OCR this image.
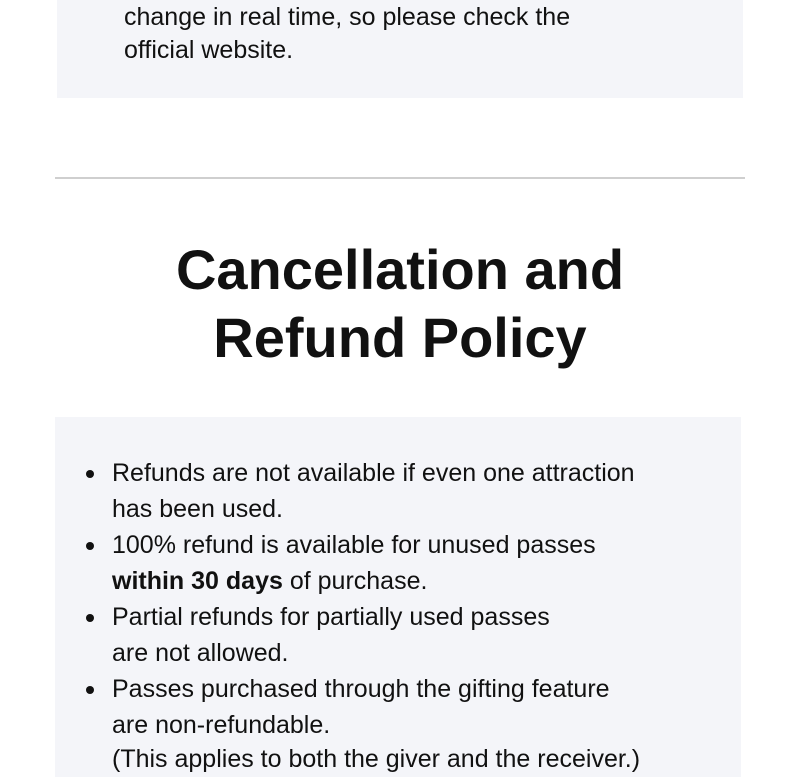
change in real time, so please check the
official website.
Cancellation and
Refund Policy
Refunds are not available if even one attraction
has been used.
100% refund is available for unused passes
within 30 days of purchase.
Partial refunds for partially used passes
are not allowed.
Passes purchased through the gifting feature
are non-refundable.
(This applies to both the giver and the receiver.)
